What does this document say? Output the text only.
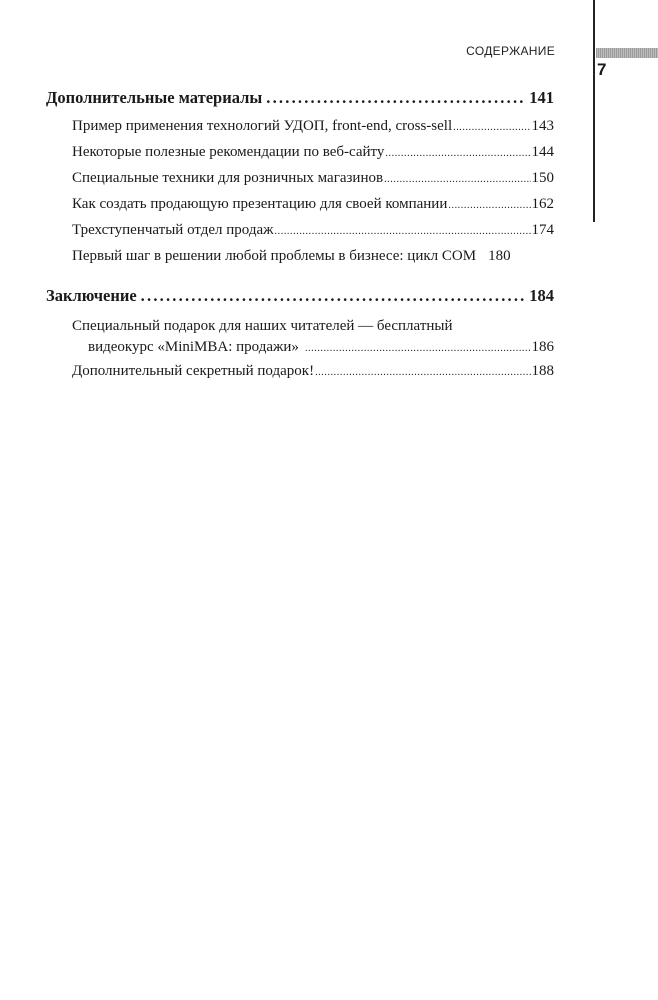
СОДЕРЖАНИЕ
7
Дополнительные материалы .....	141
Пример применения технологий УДОП, front-end, cross-sell .....	143
Некоторые полезные рекомендации по веб-сайту .....	144
Специальные техники для розничных магазинов .....	150
Как создать продающую презентацию для своей компании .....	162
Трехступенчатый отдел продаж .....	174
Первый шаг в решении любой проблемы в бизнесе: цикл СОМ 180
Заключение .....	184
Специальный подарок для наших читателей — бесплатный
видеокурс «MiniMBA: продажи» .....	186
Дополнительный секретный подарок! .....	188
